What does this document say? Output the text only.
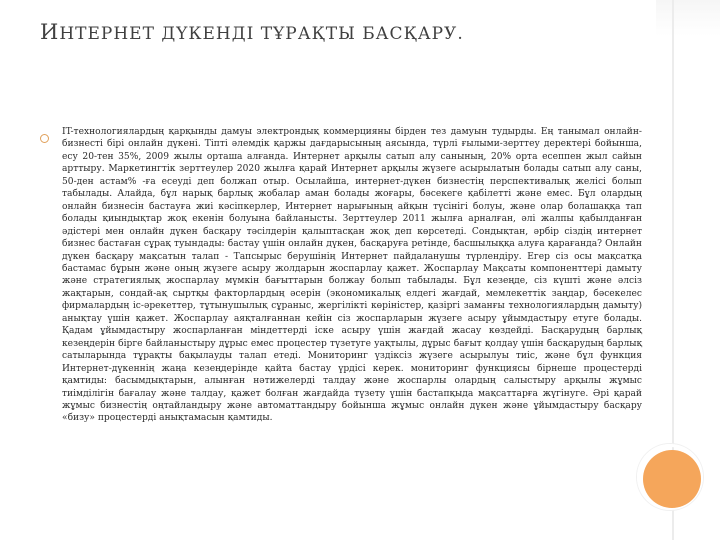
ИНТЕРНЕТ ДҮКЕНДІ ТҰРАҚТЫ БАСҚАРУ.

IT-технологиялардың қарқынды дамуы электрондық коммерцияны бірден тез дамуын тудырды. Ең танымал онлайн-бизнесті бірі онлайн дүкені. Тіпті әлемдік қаржы дағдарысының аясында, түрлі ғылыми-зерттеу деректері бойынша, есу 20-тен 35%, 2009 жылы орташа алғанда. Интернет арқылы сатып алу санының, 20% орта есеппен жыл сайын арттыру. Маркетингтік зерттеулер 2020 жылға қарай Интернет арқылы жүзеге асырылатын болады сатып алу саны, 50-ден астам% -ға есеуді деп болжап отыр. Осылайша, интернет-дүкен бизнестің перспективалық желісі болып табылады. Алайда, бұл нарық барлық жобалар аман болады жоғары, бәсекеге қабілетті және емес. Бұл олардың онлайн бизнесін бастауға жиі кәсіпкерлер, Интернет нарығының айқын түсінігі болуы, және олар болашаққа тап болады қиындықтар жоқ екенін болуына байланысты. Зерттеулер 2011 жылға арналған, әлі жалпы қабылданған әдістері мен онлайн дүкен басқару тәсілдерін қалыптасқан жоқ деп көрсетеді. Сондықтан, әрбір сіздің интернет бизнес бастаған сұрақ туындады: бастау үшін онлайн дүкен, басқаруға ретінде, басшылыққа алуға қарағанда? Онлайн дүкен басқару мақсатын талап - Тапсырыс берушінің Интернет пайдаланушы түрлендіру. Егер сіз осы мақсатқа бастамас бұрын және оның жүзеге асыру жолдарын жоспарлау қажет. Жоспарлау Мақсаты компоненттері дамыту және стратегиялық жоспарлау мүмкін бағыттарын болжау болып табылады. Бұл кезеңде, сіз күшті және әлсіз жақтарын, сондай-ақ сыртқы факторлардың әсерін (экономикалық елдегі жағдай, мемлекеттік заңдар, бәсекелес фирмалардың іс-әрекеттер, тұтынушылық сұраныс, жергілікті көріністер, қазіргі заманғы технологиялардың дамыту) анықтау үшін қажет. Жоспарлау аяқталғаннан кейін сіз жоспарларын жүзеге асыру ұйымдастыру етуге болады. Қадам ұйымдастыру жоспарланған міндеттерді іске асыру үшін жағдай жасау көздейді. Басқарудың барлық кезеңдерін бірге байланыстыру дұрыс емес процестер түзетуге уақтылы, дұрыс бағыт қолдау үшін басқарудың барлық сатыларында тұрақты бақылауды талап етеді. Мониторинг үздіксіз жүзеге асырылуы тиіс, және бұл функция Интернет-дүкеннің жаңа кезеңдерінде қайта бастау үрдісі керек. мониторинг функциясы бірнеше процестерді қамтиды: басымдықтарын, алынған нәтижелерді талдау және жоспарлы олардың салыстыру арқылы жұмыс тиімділігін бағалау және талдау, қажет болған жағдайда түзету үшін бастапқыда мақсаттарға жүгінуге. Әрі қарай жұмыс бизнестің оңтайландыру және автоматтандыру бойынша жұмыс онлайн дүкен және ұйымдастыру басқару «бизу» процестерді анықтамасын қамтиды.
